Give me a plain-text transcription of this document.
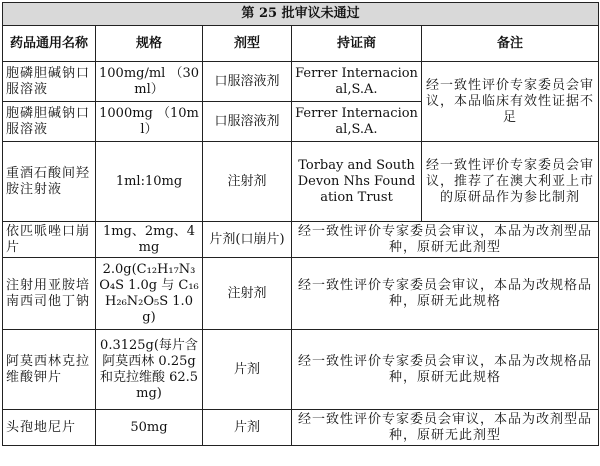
第 25 批审议未通过				
药品通用名称	规格	剂型	持证商	备注
胞磷胆碱钠口服溶液	100mg/ml （30ml）	口服溶液剂	Ferrer Internacional,S.A.	经一致性评价专家委员会审议，本品临床有效性证据不足
胞磷胆碱钠口服溶液	1000mg （10ml）	口服溶液剂	Ferrer Internacional,S.A.	
重酒石酸间羟胺注射液	1ml:10mg	注射剂	Torbay and South Devon Nhs Foundation Trust	经一致性评价专家委员会审议，推荐了在澳大利亚上市的原研品作为参比制剂
依匹哌唑口崩片	1mg、2mg、4mg	片剂(口崩片)	经一致性评价专家委员会审议，本品为改剂型品种，原研无此剂型	
注射用亚胺培南西司他丁钠	2.0g(C₁₂H₁₇N₃O₄S 1.0g 与 C₁₆H₂₆N₂O₅S 1.0g)	注射剂	经一致性评价专家委员会审议，本品为改规格品种，原研无此规格	
阿莫西林克拉维酸钾片	0.3125g(每片含阿莫西林 0.25g 和克拉维酸 62.5mg)	片剂	经一致性评价专家委员会审议，本品为改规格品种，原研无此规格	
头孢地尼片	50mg	片剂	经一致性评价专家委员会审议，本品为改剂型品种，原研无此剂型	
